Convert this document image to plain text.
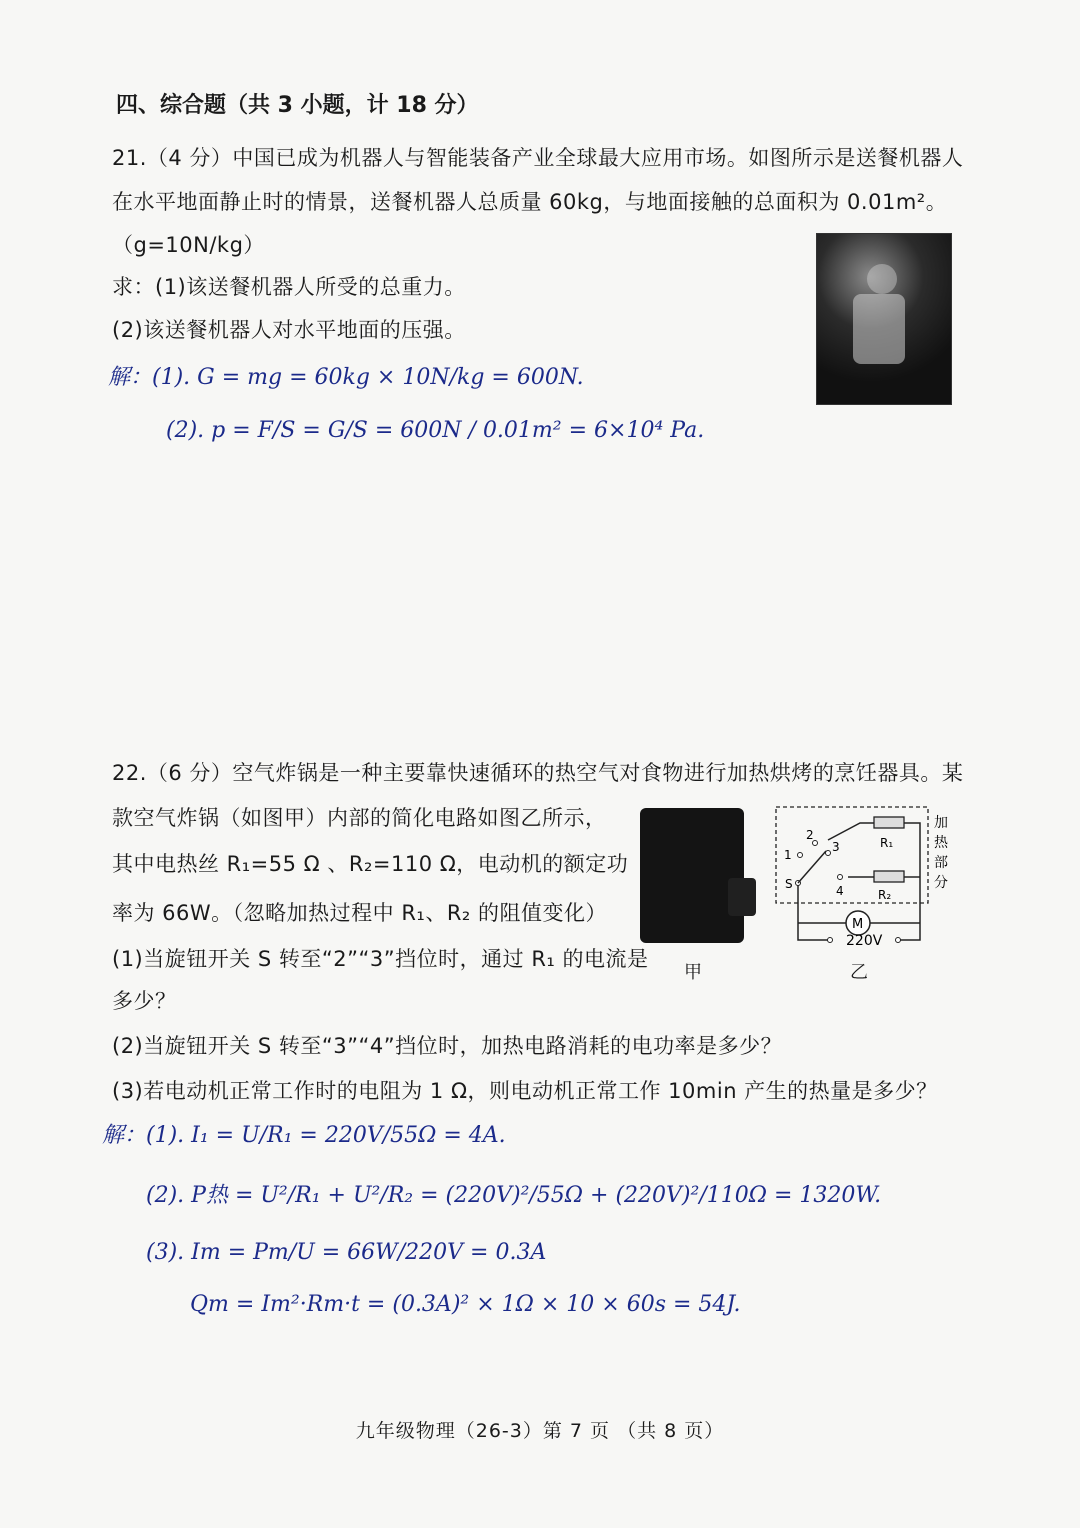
四、综合题（共 3 小题，计 18 分）
21.（4 分）中国已成为机器人与智能装备产业全球最大应用市场。如图所示是送餐机器人
在水平地面静止时的情景，送餐机器人总质量 60kg，与地面接触的总面积为 0.01m²。
（g=10N/kg）
求：(1)该送餐机器人所受的总重力。
(2)该送餐机器人对水平地面的压强。
解：(1). G = mg = 60kg × 10N/kg = 600N.
(2). p = F/S = G/S = 600N / 0.01m² = 6×10⁴ Pa.
22.（6 分）空气炸锅是一种主要靠快速循环的热空气对食物进行加热烘烤的烹饪器具。某
款空气炸锅（如图甲）内部的简化电路如图乙所示，
其中电热丝 R₁=55 Ω 、R₂=110 Ω，电动机的额定功
率为 66W。（忽略加热过程中 R₁、R₂ 的阻值变化）
(1)当旋钮开关 S 转至“2”“3”挡位时，通过 R₁ 的电流是
多少？
(2)当旋钮开关 S 转至“3”“4”挡位时，加热电路消耗的电功率是多少？
(3)若电动机正常工作时的电阻为 1 Ω，则电动机正常工作 10min 产生的热量是多少？
甲
R₁
R₂
1
2
3
4
S
M
220V
加
热
部
分
乙
解：(1). I₁ = U/R₁ = 220V/55Ω = 4A.
(2). P热 = U²/R₁ + U²/R₂ = (220V)²/55Ω + (220V)²/110Ω = 1320W.
(3). Im = Pm/U = 66W/220V = 0.3A
Qm = Im²·Rm·t = (0.3A)² × 1Ω × 10 × 60s = 54J.
九年级物理（26-3）第 7 页 （共 8 页）
